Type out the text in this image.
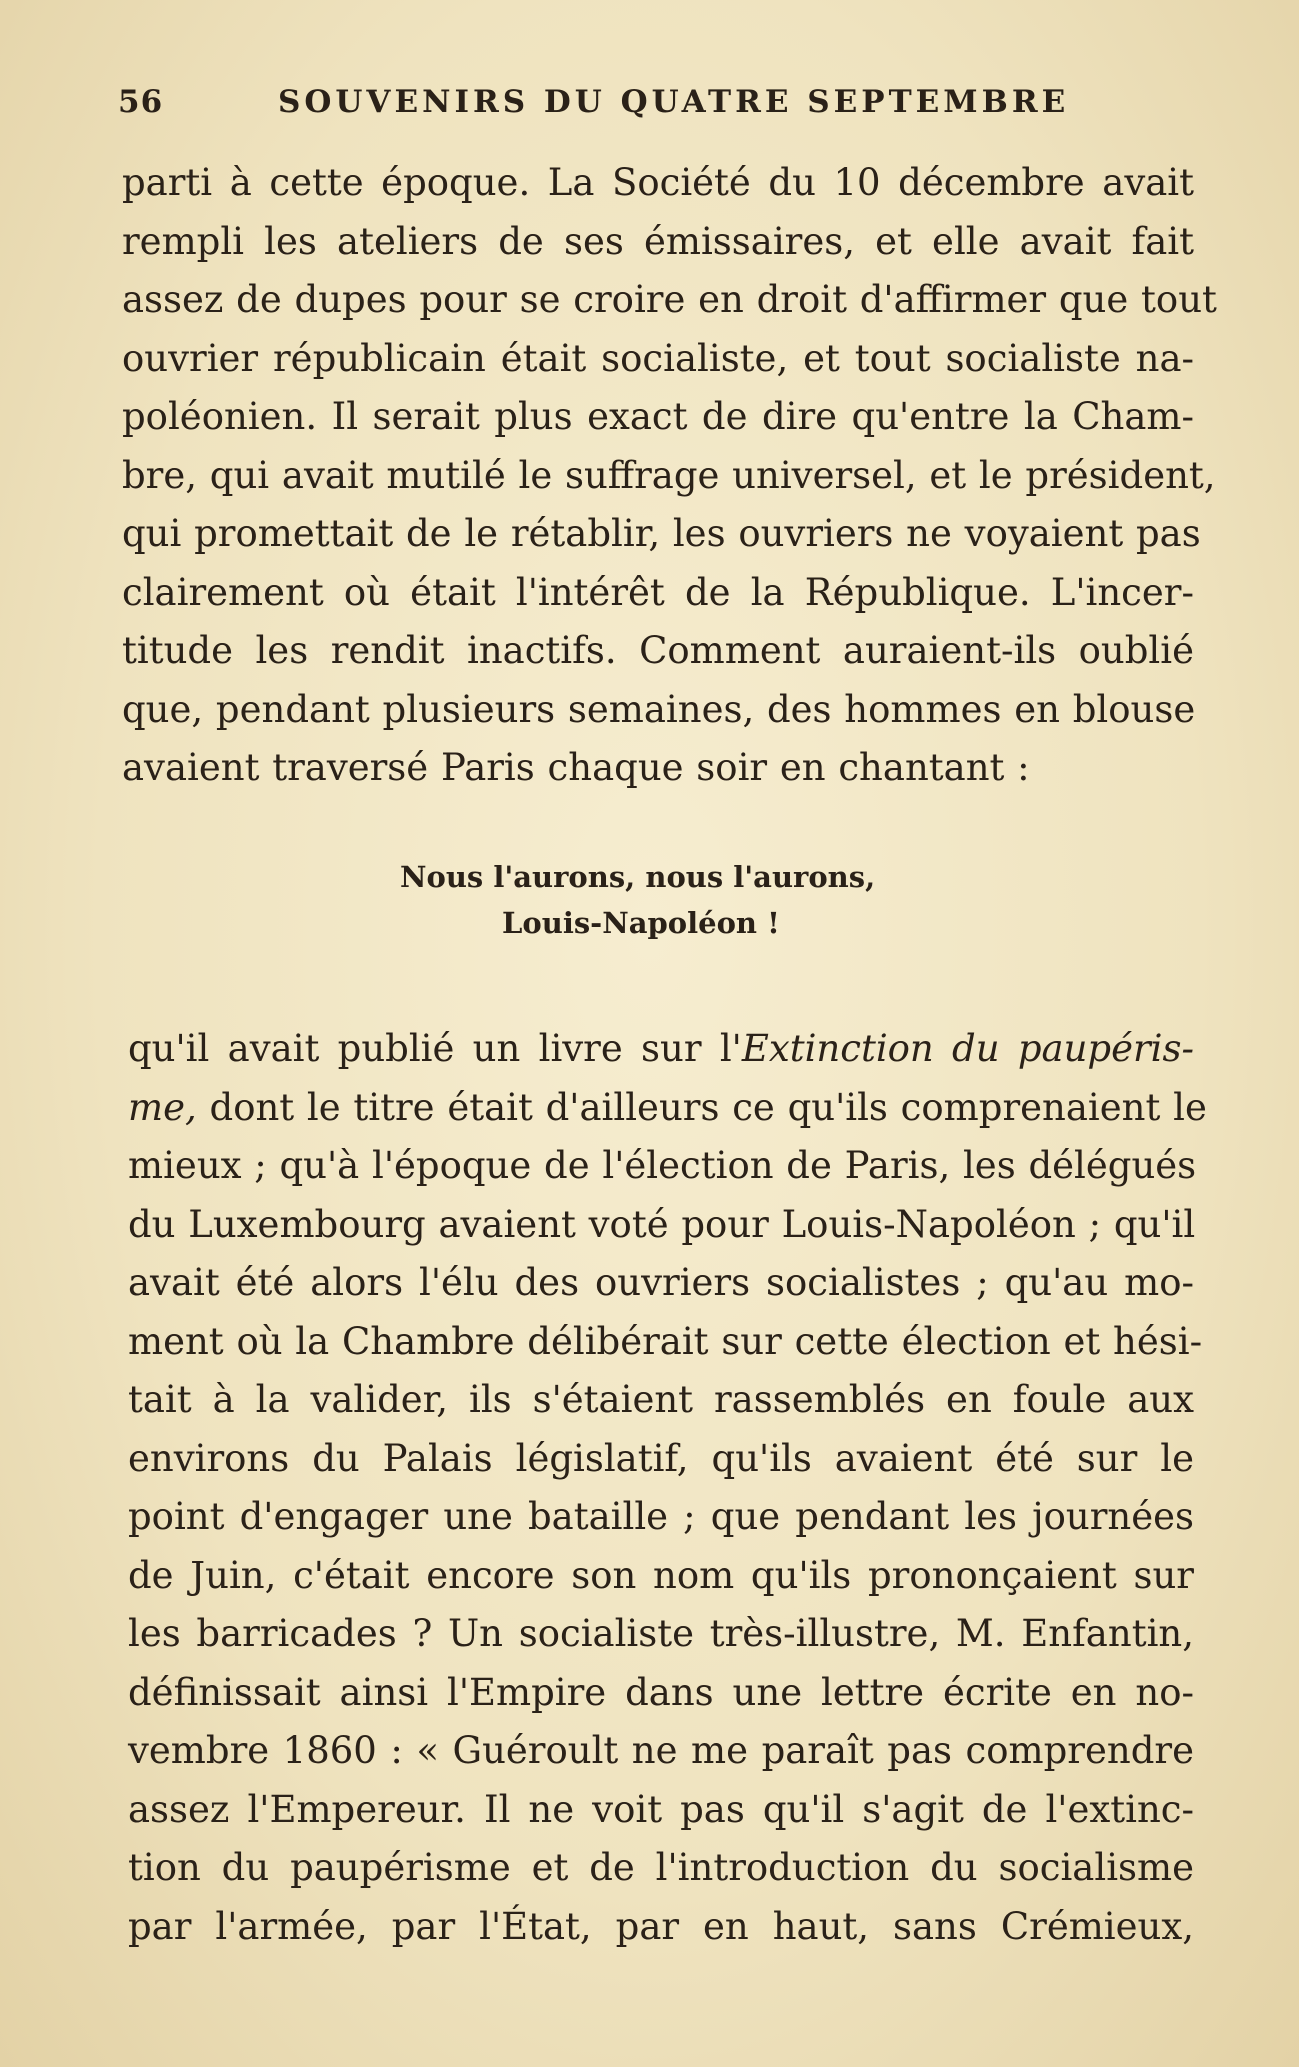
56	SOUVENIRS DU QUATRE SEPTEMBRE
parti à cette époque. La Société du 10 décembre avait
rempli les ateliers de ses émissaires, et elle avait fait
assez de dupes pour se croire en droit d'affirmer que tout
ouvrier républicain était socialiste, et tout socialiste na-
poléonien. Il serait plus exact de dire qu'entre la Cham-
bre, qui avait mutilé le suffrage universel, et le président,
qui promettait de le rétablir, les ouvriers ne voyaient pas
clairement où était l'intérêt de la République. L'incer-
titude les rendit inactifs. Comment auraient-ils oublié
que, pendant plusieurs semaines, des hommes en blouse
avaient traversé Paris chaque soir en chantant :
Nous l'aurons, nous l'aurons,
Louis-Napoléon !
qu'il avait publié un livre sur l'Extinction du paupéris-
me, dont le titre était d'ailleurs ce qu'ils comprenaient le
mieux ; qu'à l'époque de l'élection de Paris, les délégués
du Luxembourg avaient voté pour Louis-Napoléon ; qu'il
avait été alors l'élu des ouvriers socialistes ; qu'au mo-
ment où la Chambre délibérait sur cette élection et hési-
tait à la valider, ils s'étaient rassemblés en foule aux
environs du Palais législatif, qu'ils avaient été sur le
point d'engager une bataille ; que pendant les journées
de Juin, c'était encore son nom qu'ils prononçaient sur
les barricades ? Un socialiste très-illustre, M. Enfantin,
définissait ainsi l'Empire dans une lettre écrite en no-
vembre 1860 : « Guéroult ne me paraît pas comprendre
assez l'Empereur. Il ne voit pas qu'il s'agit de l'extinc-
tion du paupérisme et de l'introduction du socialisme
par l'armée, par l'État, par en haut, sans Crémieux,
